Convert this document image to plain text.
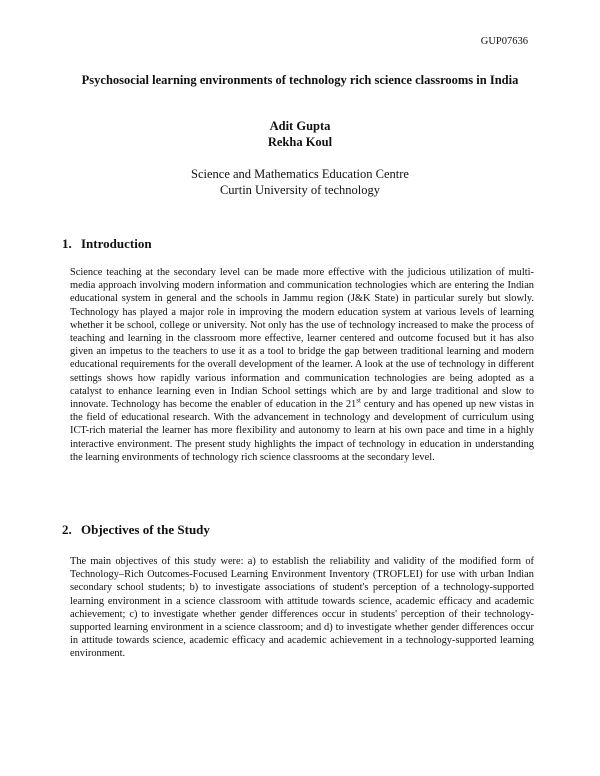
GUP07636
Psychosocial learning environments of technology rich science classrooms in India
Adit Gupta
Rekha Koul
Science and Mathematics Education Centre
Curtin University of technology
1. Introduction
Science teaching at the secondary level can be made more effective with the judicious utilization of multi-media approach involving modern information and communication technologies which are entering the Indian educational system in general and the schools in Jammu region (J&K State) in particular surely but slowly. Technology has played a major role in improving the modern education system at various levels of learning whether it be school, college or university. Not only has the use of technology increased to make the process of teaching and learning in the classroom more effective, learner centered and outcome focused but it has also given an impetus to the teachers to use it as a tool to bridge the gap between traditional learning and modern educational requirements for the overall development of the learner. A look at the use of technology in different settings shows how rapidly various information and communication technologies are being adopted as a catalyst to enhance learning even in Indian School settings which are by and large traditional and slow to innovate. Technology has become the enabler of education in the 21st century and has opened up new vistas in the field of educational research. With the advancement in technology and development of curriculum using ICT-rich material the learner has more flexibility and autonomy to learn at his own pace and time in a highly interactive environment. The present study highlights the impact of technology in education in understanding the learning environments of technology rich science classrooms at the secondary level.
2. Objectives of the Study
The main objectives of this study were: a) to establish the reliability and validity of the modified form of Technology–Rich Outcomes-Focused Learning Environment Inventory (TROFLEI) for use with urban Indian secondary school students; b) to investigate associations of student's perception of a technology-supported learning environment in a science classroom with attitude towards science, academic efficacy and academic achievement; c) to investigate whether gender differences occur in students' perception of their technology-supported learning environment in a science classroom; and d) to investigate whether gender differences occur in attitude towards science, academic efficacy and academic achievement in a technology-supported learning environment.
